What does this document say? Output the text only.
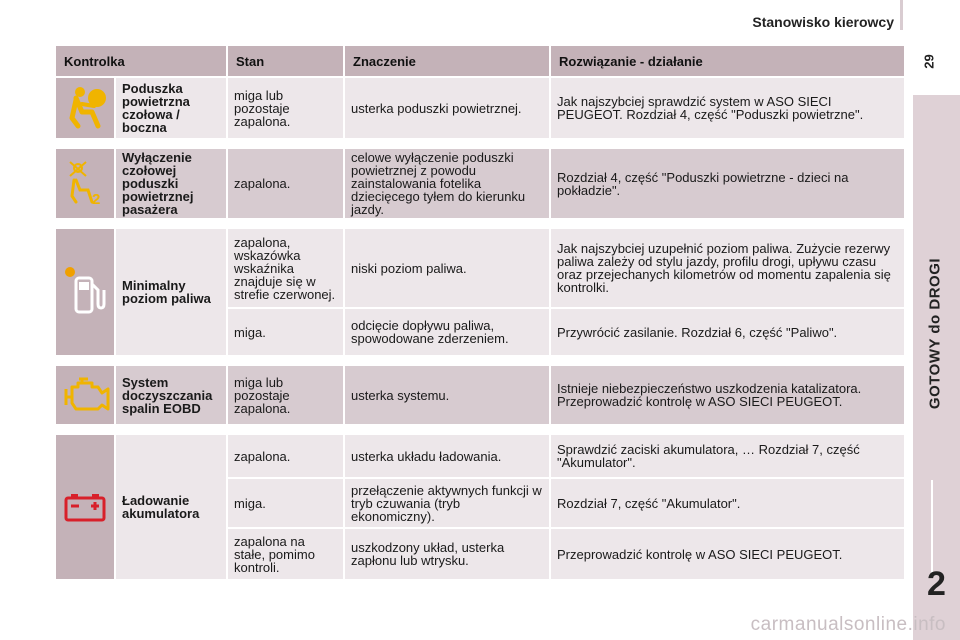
Stanowisko kierowcy
29
GOTOWY do DROGI
2
Kontrolka		Stan	Znaczenie	Rozwiązanie - działanie

	Poduszka powietrzna czołowa / boczna	miga lub pozostaje zapalona.	usterka poduszki powietrznej.	Jak najszybciej sprawdzić system w ASO SIECI PEUGEOT. Rozdział 4, część "Poduszki powietrzne".

2	Wyłączenie czołowej poduszki powietrznej pasażera	zapalona.	celowe wyłączenie poduszki powietrznej z powodu zainstalowania fotelika dziecięcego tyłem do kierunku jazdy.	Rozdział 4, część "Poduszki powietrzne - dzieci na pokładzie".

	Minimalny poziom paliwa	zapalona, wskazówka wskaźnika znajduje się w strefie czerwonej.	niski poziom paliwa.	Jak najszybciej uzupełnić poziom paliwa. Zużycie rezerwy paliwa zależy od stylu jazdy, profilu drogi, upływu czasu oraz przejechanych kilometrów od momentu zapalenia się kontrolki.
		miga.	odcięcie dopływu paliwa, spowodowane zderzeniem.	Przywrócić zasilanie. Rozdział 6, część "Paliwo".

	System doczyszczania spalin EOBD	miga lub pozostaje zapalona.	usterka systemu.	Istnieje niebezpieczeństwo uszkodzenia katalizatora. Przeprowadzić kontrolę w ASO SIECI PEUGEOT.

	Ładowanie akumulatora	zapalona.	usterka układu ładowania.	Sprawdzić zaciski akumulatora, … Rozdział 7, część "Akumulator".
		miga.	przełączenie aktywnych funkcji w tryb czuwania (tryb ekonomiczny).	Rozdział 7, część "Akumulator".
		zapalona na stałe, pomimo kontroli.	uszkodzony układ, usterka zapłonu lub wtrysku.	Przeprowadzić kontrolę w ASO SIECI PEUGEOT.
carmanualsonline.info
